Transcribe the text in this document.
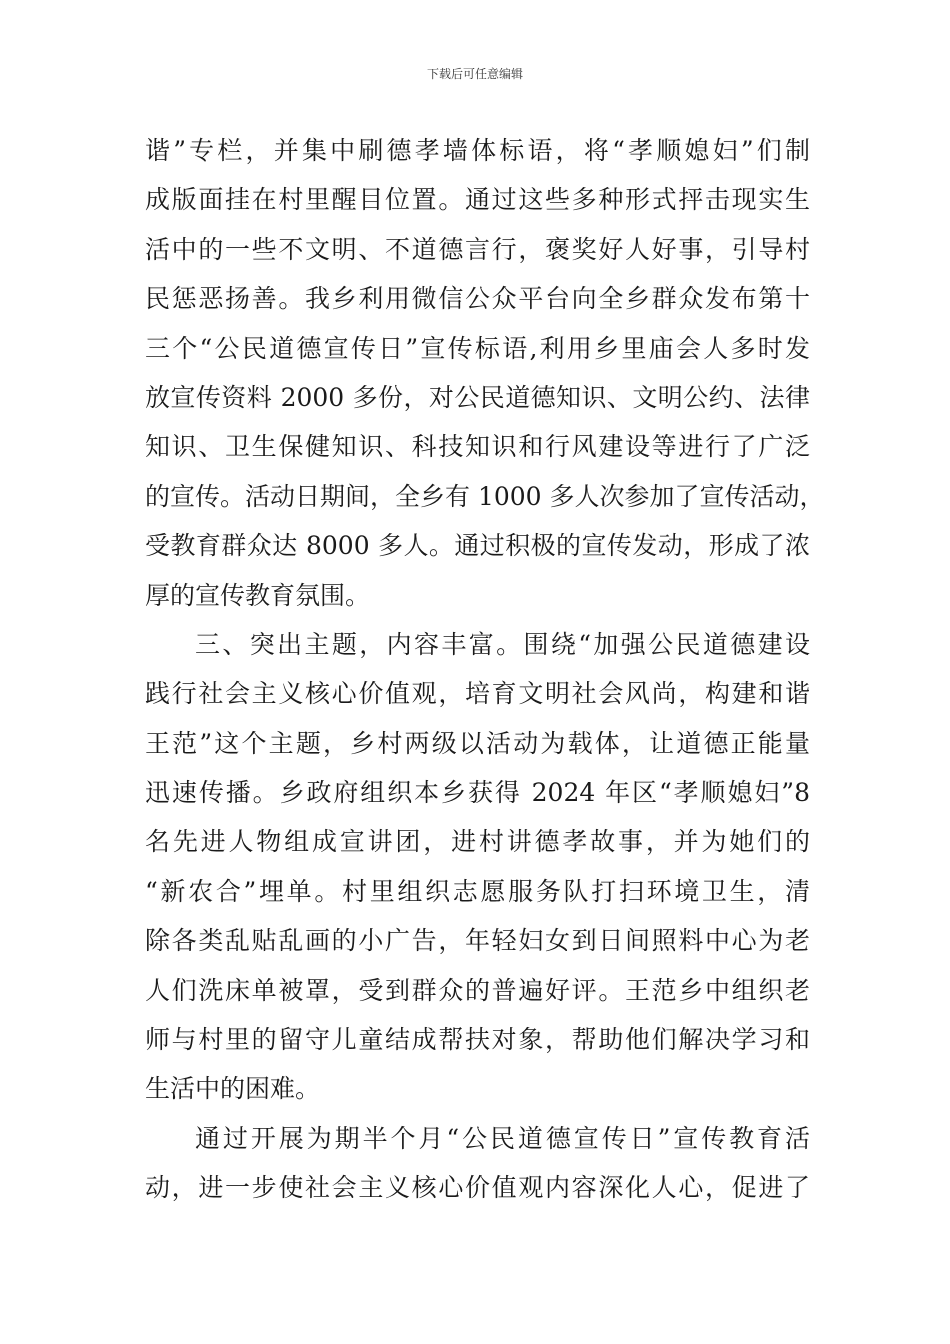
下载后可任意编辑
谐”专栏，并集中刷德孝墙体标语，将“孝顺媳妇”们制
成版面挂在村里醒目位置。通过这些多种形式抨击现实生
活中的一些不文明、不道德言行，褒奖好人好事，引导村
民惩恶扬善。我乡利用微信公众平台向全乡群众发布第十
三个“公民道德宣传日”宣传标语,利用乡里庙会人多时发
放宣传资料 2000 多份，对公民道德知识、文明公约、法律
知识、卫生保健知识、科技知识和行风建设等进行了广泛
的宣传。活动日期间，全乡有 1000 多人次参加了宣传活动，
受教育群众达 8000 多人。通过积极的宣传发动，形成了浓
厚的宣传教育氛围。
三、突出主题，内容丰富。围绕“加强公民道德建设
践行社会主义核心价值观，培育文明社会风尚，构建和谐
王范”这个主题，乡村两级以活动为载体，让道德正能量
迅速传播。乡政府组织本乡获得 2024 年区“孝顺媳妇”8
名先进人物组成宣讲团，进村讲德孝故事，并为她们的
“新农合”埋单。村里组织志愿服务队打扫环境卫生，清
除各类乱贴乱画的小广告，年轻妇女到日间照料中心为老
人们洗床单被罩，受到群众的普遍好评。王范乡中组织老
师与村里的留守儿童结成帮扶对象，帮助他们解决学习和
生活中的困难。
通过开展为期半个月“公民道德宣传日”宣传教育活
动，进一步使社会主义核心价值观内容深化人心，促进了
